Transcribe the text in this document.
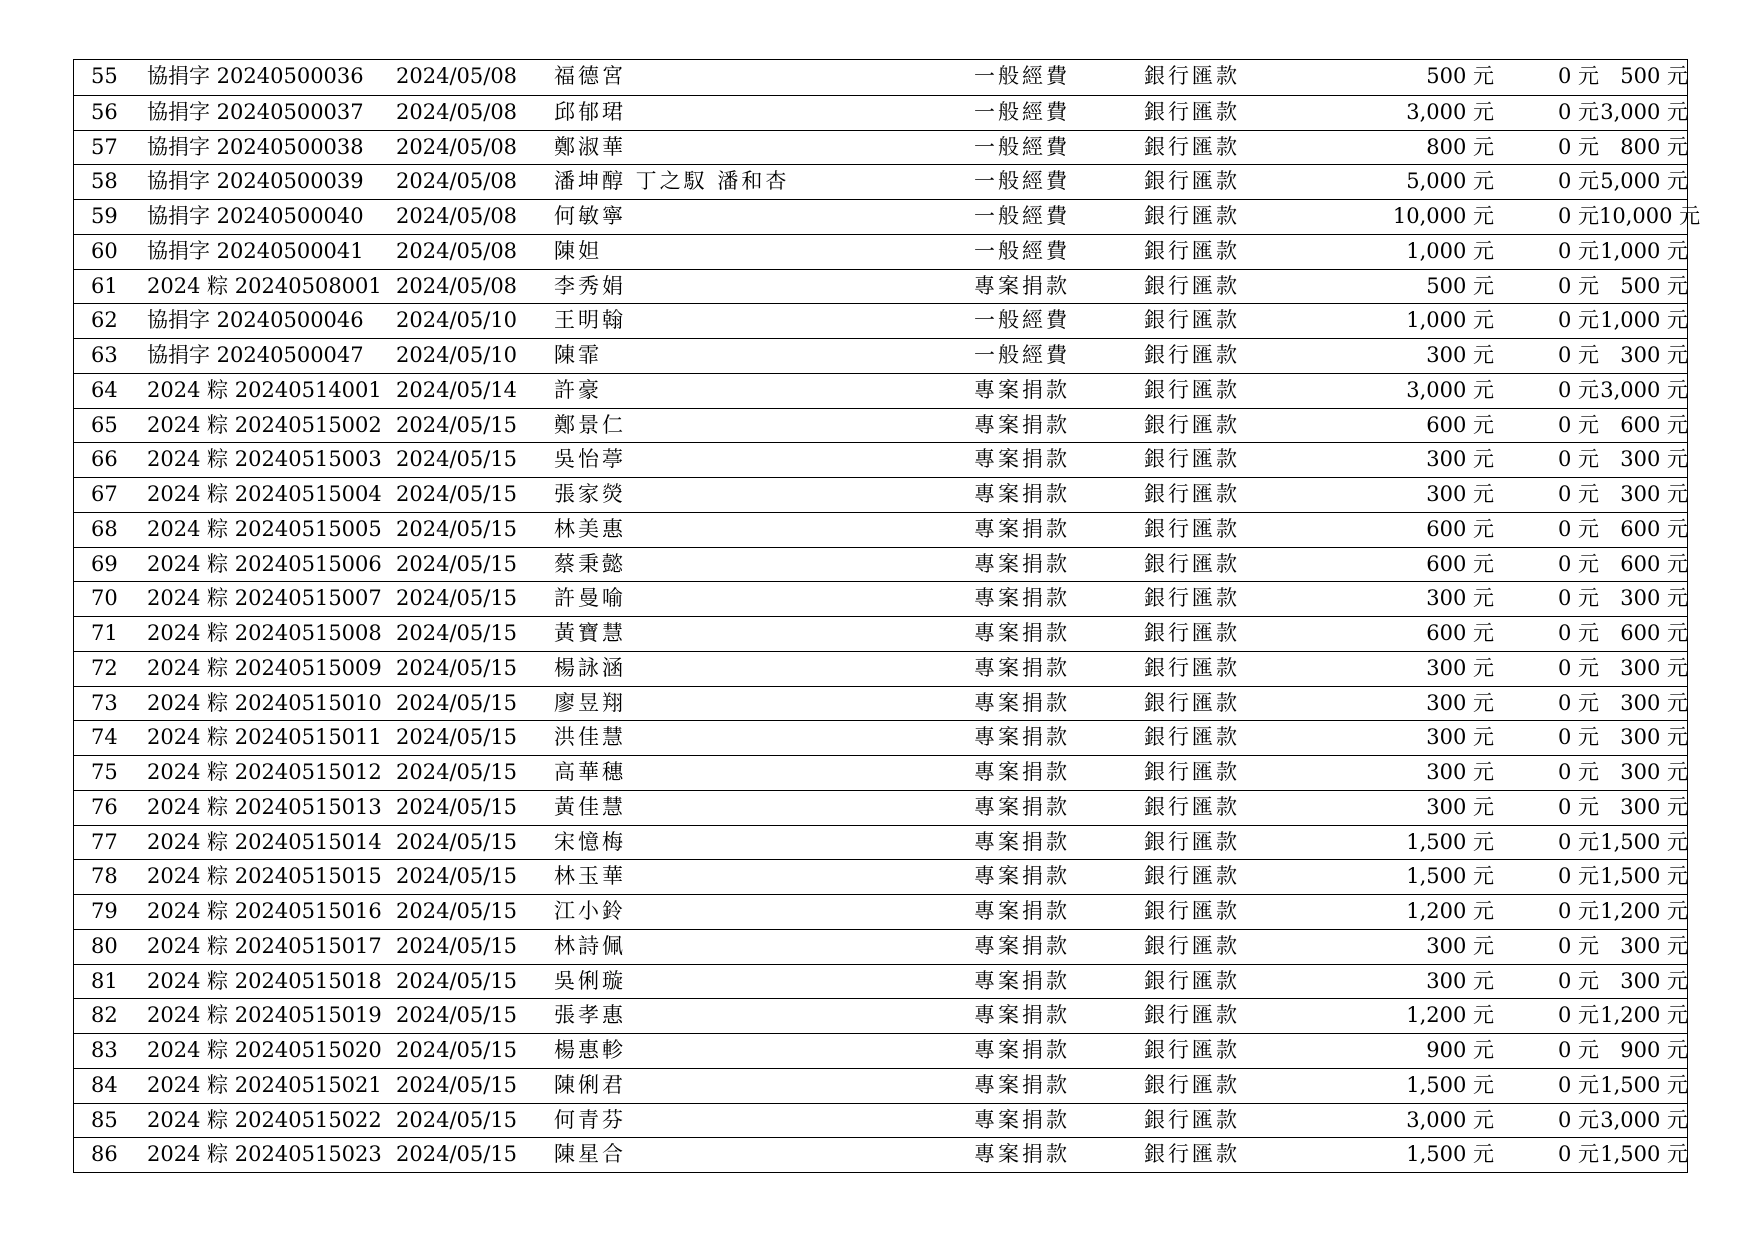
55	協捐字 20240500036	2024/05/08	福德宮	一般經費	銀行匯款	500 元	0 元	500 元
56	協捐字 20240500037	2024/05/08	邱郁珺	一般經費	銀行匯款	3,000 元	0 元 3,000 元
57	協捐字 20240500038	2024/05/08	鄭淑華	一般經費	銀行匯款	800 元	0 元	800 元
58	協捐字 20240500039	2024/05/08	潘坤醇 丁之馭 潘和杏	一般經費	銀行匯款	5,000 元	0 元 5,000 元
59	協捐字 20240500040	2024/05/08	何敏寧	一般經費	銀行匯款	10,000 元	0 元 10,000 元
60	協捐字 20240500041	2024/05/08	陳妲	一般經費	銀行匯款	1,000 元	0 元 1,000 元
61	2024 粽 20240508001 2024/05/08	李秀娟	專案捐款	銀行匯款	500 元	0 元	500 元
62	協捐字 20240500046	2024/05/10	王明翰	一般經費	銀行匯款	1,000 元	0 元 1,000 元
63	協捐字 20240500047	2024/05/10	陳霏	一般經費	銀行匯款	300 元	0 元	300 元
64	2024 粽 20240514001 2024/05/14	許豪	專案捐款	銀行匯款	3,000 元	0 元 3,000 元
65	2024 粽 20240515002 2024/05/15	鄭景仁	專案捐款	銀行匯款	600 元	0 元	600 元
66	2024 粽 20240515003 2024/05/15	吳怡葶	專案捐款	銀行匯款	300 元	0 元	300 元
67	2024 粽 20240515004 2024/05/15	張家熒	專案捐款	銀行匯款	300 元	0 元	300 元
68	2024 粽 20240515005 2024/05/15	林美惠	專案捐款	銀行匯款	600 元	0 元	600 元
69	2024 粽 20240515006 2024/05/15	蔡秉懿	專案捐款	銀行匯款	600 元	0 元	600 元
70	2024 粽 20240515007 2024/05/15	許曼喻	專案捐款	銀行匯款	300 元	0 元	300 元
71	2024 粽 20240515008 2024/05/15	黃寶慧	專案捐款	銀行匯款	600 元	0 元	600 元
72	2024 粽 20240515009 2024/05/15	楊詠涵	專案捐款	銀行匯款	300 元	0 元	300 元
73	2024 粽 20240515010 2024/05/15	廖昱翔	專案捐款	銀行匯款	300 元	0 元	300 元
74	2024 粽 20240515011 2024/05/15	洪佳慧	專案捐款	銀行匯款	300 元	0 元	300 元
75	2024 粽 20240515012 2024/05/15	高華穗	專案捐款	銀行匯款	300 元	0 元	300 元
76	2024 粽 20240515013 2024/05/15	黃佳慧	專案捐款	銀行匯款	300 元	0 元	300 元
77	2024 粽 20240515014 2024/05/15	宋憶梅	專案捐款	銀行匯款	1,500 元	0 元 1,500 元
78	2024 粽 20240515015 2024/05/15	林玉華	專案捐款	銀行匯款	1,500 元	0 元 1,500 元
79	2024 粽 20240515016 2024/05/15	江小鈴	專案捐款	銀行匯款	1,200 元	0 元 1,200 元
80	2024 粽 20240515017 2024/05/15	林詩佩	專案捐款	銀行匯款	300 元	0 元	300 元
81	2024 粽 20240515018 2024/05/15	吳俐璇	專案捐款	銀行匯款	300 元	0 元	300 元
82	2024 粽 20240515019 2024/05/15	張孝惠	專案捐款	銀行匯款	1,200 元	0 元 1,200 元
83	2024 粽 20240515020 2024/05/15	楊惠軫	專案捐款	銀行匯款	900 元	0 元	900 元
84	2024 粽 20240515021 2024/05/15	陳俐君	專案捐款	銀行匯款	1,500 元	0 元 1,500 元
85	2024 粽 20240515022 2024/05/15	何青芬	專案捐款	銀行匯款	3,000 元	0 元 3,000 元
86	2024 粽 20240515023 2024/05/15	陳星合	專案捐款	銀行匯款	1,500 元	0 元 1,500 元
